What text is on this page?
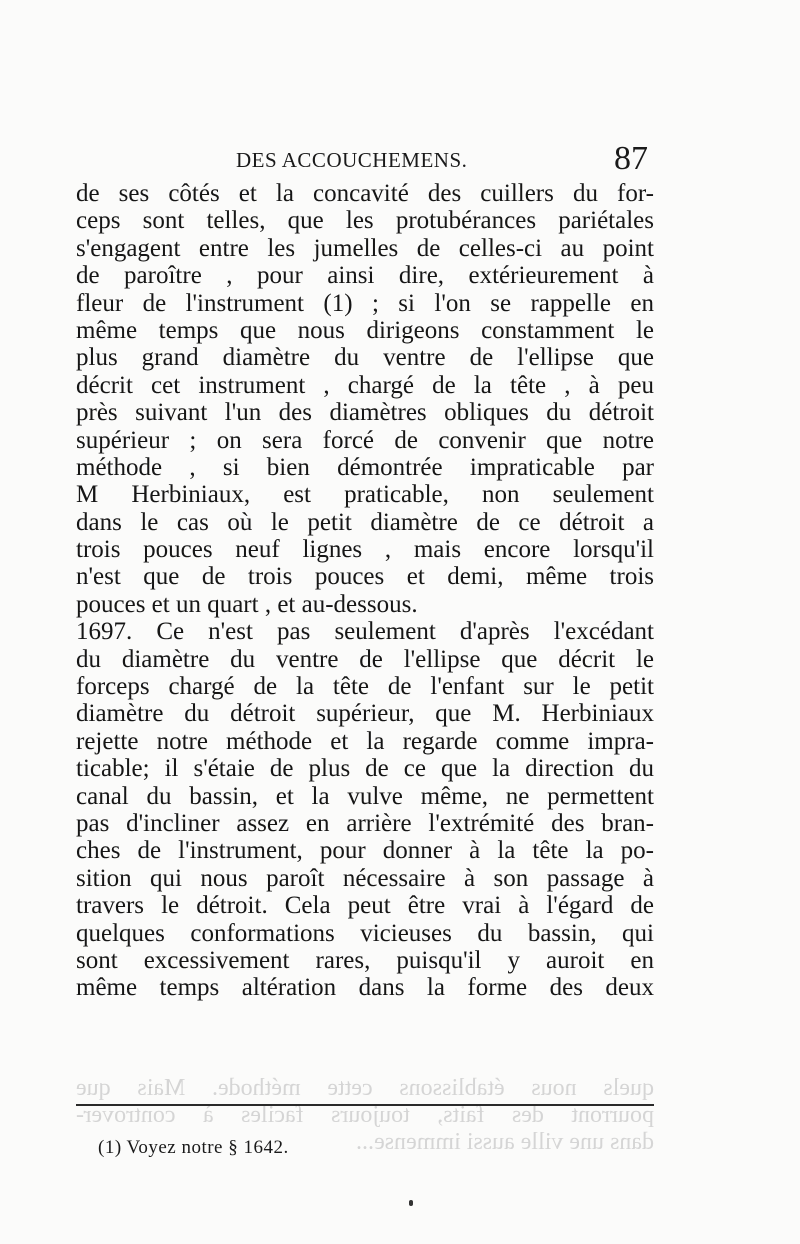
DES ACCOUCHEMENS.	87
quels nous établissons cette méthode. Mais que
pourront des faits, toujours faciles à controver-
dans une ville aussi immense...
de ses côtés et la concavité des cuillers du for-
ceps sont telles, que les protubérances pariétales
s'engagent entre les jumelles de celles-ci au point
de paroître , pour ainsi dire, extérieurement à
fleur de l'instrument (1) ; si l'on se rappelle en
même temps que nous dirigeons constamment le
plus grand diamètre du ventre de l'ellipse que
décrit cet instrument , chargé de la tête , à peu
près suivant l'un des diamètres obliques du détroit
supérieur ; on sera forcé de convenir que notre
méthode , si bien démontrée impraticable par
M Herbiniaux, est praticable, non seulement
dans le cas où le petit diamètre de ce détroit a
trois pouces neuf lignes , mais encore lorsqu'il
n'est que de trois pouces et demi, même trois
pouces et un quart , et au-dessous.
1697. Ce n'est pas seulement d'après l'excédant
du diamètre du ventre de l'ellipse que décrit le
forceps chargé de la tête de l'enfant sur le petit
diamètre du détroit supérieur, que M. Herbiniaux
rejette notre méthode et la regarde comme impra-
ticable; il s'étaie de plus de ce que la direction du
canal du bassin, et la vulve même, ne permettent
pas d'incliner assez en arrière l'extrémité des bran-
ches de l'instrument, pour donner à la tête la po-
sition qui nous paroît nécessaire à son passage à
travers le détroit. Cela peut être vrai à l'égard de
quelques conformations vicieuses du bassin, qui
sont excessivement rares, puisqu'il y auroit en
même temps altération dans la forme des deux
(1) Voyez notre § 1642.
